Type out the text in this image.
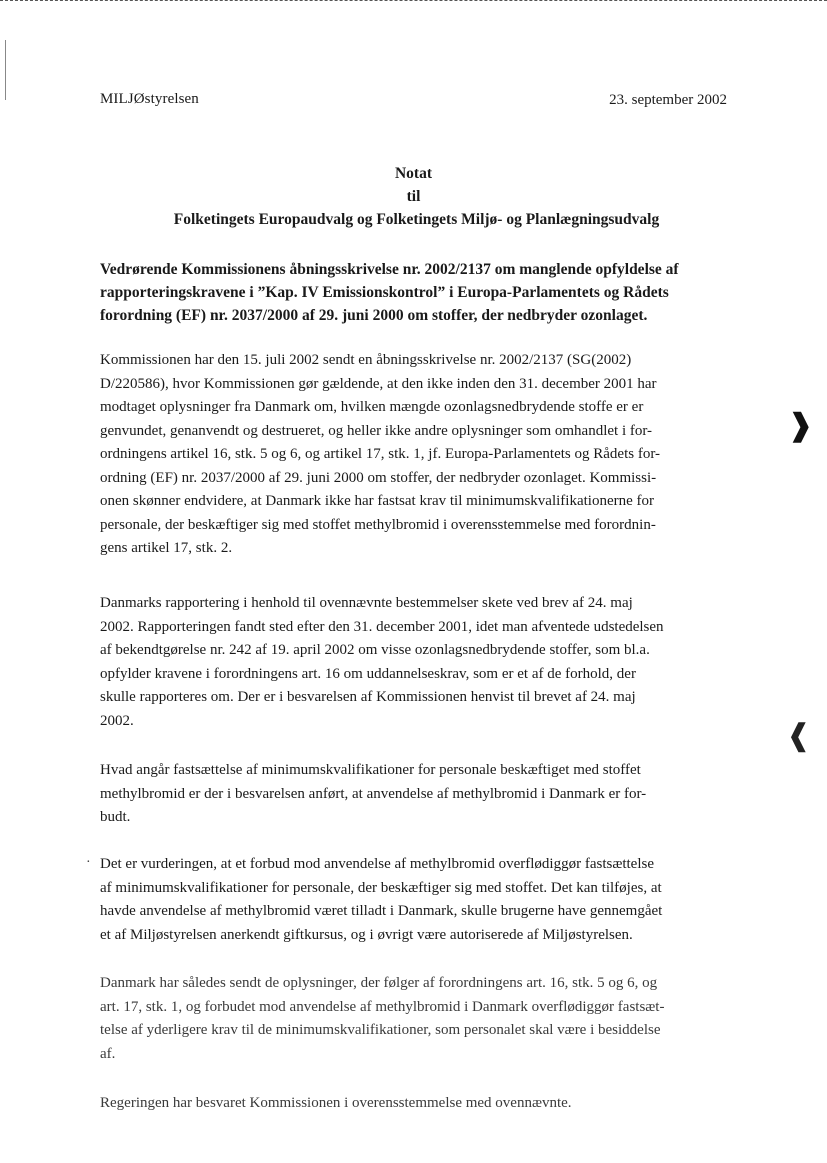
MILJØstyrelsen	23. september 2002
Notat
til
Folketingets Europaudvalg og Folketingets Miljø- og Planlægningsudvalg
Vedrørende Kommissionens åbningsskrivelse nr. 2002/2137 om manglende opfyldelse af
rapporteringskravene i ”Kap. IV Emissionskontrol” i Europa-Parlamentets og Rådets
forordning (EF) nr. 2037/2000 af 29. juni 2000 om stoffer, der nedbryder ozonlaget.
Kommissionen har den 15. juli 2002 sendt en åbningsskrivelse nr. 2002/2137 (SG(2002)
D/220586), hvor Kommissionen gør gældende, at den ikke inden den 31. december 2001 har
modtaget oplysninger fra Danmark om, hvilken mængde ozonlagsnedbrydende stoffe er er
genvundet, genanvendt og destrueret, og heller ikke andre oplysninger som omhandlet i for-
ordningens artikel 16, stk. 5 og 6, og artikel 17, stk. 1, jf. Europa-Parlamentets og Rådets for-
ordning (EF) nr. 2037/2000 af 29. juni 2000 om stoffer, der nedbryder ozonlaget. Kommissi-
onen skønner endvidere, at Danmark ikke har fastsat krav til minimumskvalifikationerne for
personale, der beskæftiger sig med stoffet methylbromid i overensstemmelse med forordnin-
gens artikel 17, stk. 2.
Danmarks rapportering i henhold til ovennævnte bestemmelser skete ved brev af 24. maj
2002. Rapporteringen fandt sted efter den 31. december 2001, idet man afventede udstedelsen
af bekendtgørelse nr. 242 af 19. april 2002 om visse ozonlagsnedbrydende stoffer, som bl.a.
opfylder kravene i forordningens art. 16 om uddannelseskrav, som er et af de forhold, der
skulle rapporteres om. Der er i besvarelsen af Kommissionen henvist til brevet af 24. maj
2002.
Hvad angår fastsættelse af minimumskvalifikationer for personale beskæftiget med stoffet
methylbromid er der i besvarelsen anført, at anvendelse af methylbromid i Danmark er for-
budt.
· Det er vurderingen, at et forbud mod anvendelse af methylbromid overflødiggør fastsættelse
af minimumskvalifikationer for personale, der beskæftiger sig med stoffet. Det kan tilføjes, at
havde anvendelse af methylbromid været tilladt i Danmark, skulle brugerne have gennemgået
et af Miljøstyrelsen anerkendt giftkursus, og i øvrigt være autoriserede af Miljøstyrelsen.
Danmark har således sendt de oplysninger, der følger af forordningens art. 16, stk. 5 og 6, og
art. 17, stk. 1, og forbudet mod anvendelse af methylbromid i Danmark overflødiggør fastsæt-
telse af yderligere krav til de minimumskvalifikationer, som personalet skal være i besiddelse
af.
Regeringen har besvaret Kommissionen i overensstemmelse med ovennævnte.
❱
❰
